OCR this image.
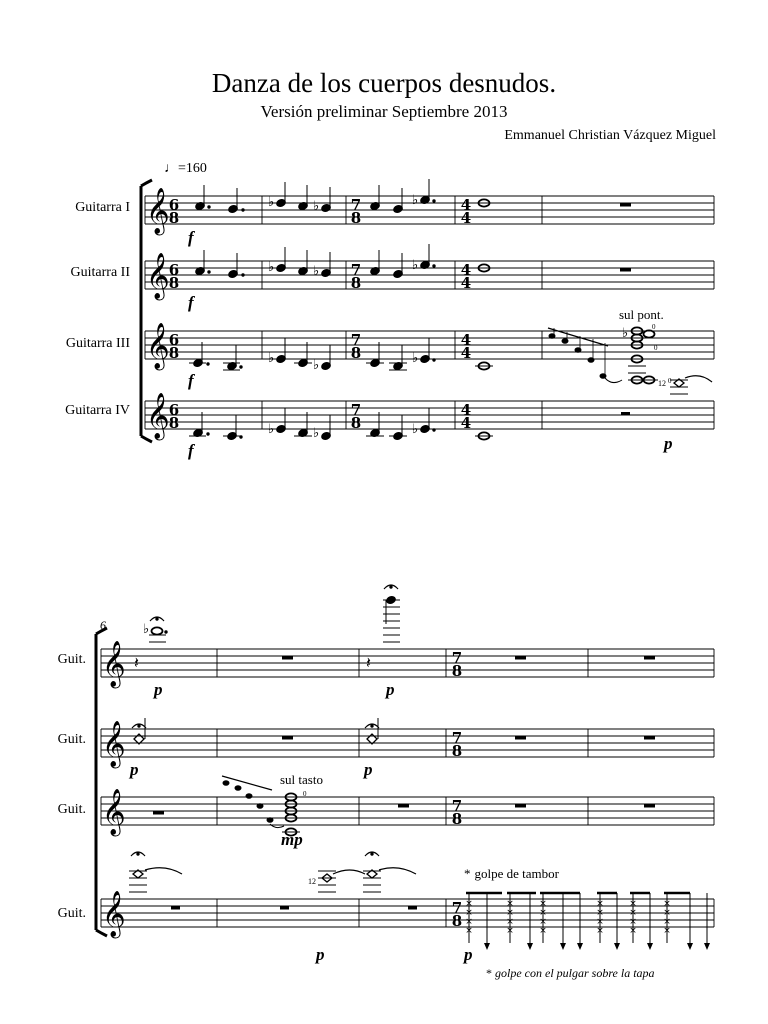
Danza de los cuerpos desnudos.
Versión preliminar Septiembre 2013
Emmanuel Christian Vázquez Miguel
♩=160
Guitarra I
Guitarra II
Guitarra III
Guitarra IV
6
Guit.
Guit.
Guit.
Guit.
* golpe con el pulgar sobre la tapa
𝄞
𝄞
𝄞
𝄞
6 8
6 8
6 8
6 8
7 8
7 8
7 8
7 8
4 4
4 4
4 4
4 4
♭	♭	♭
♭	♭	♭
♭	♭	♭
♭
sul pont.
0
0
0
♭	♭	♭
12
f
f
f
f	p
𝄞
𝄞
𝄞
𝄞
7 8
7 8
7 8
7 8
𝄽
♭
𝄽
sul tasto
0
×
×
×
×
×
×
×
×
×
×
×
×
×
×
×
×
×
×
×
×
×
×
×
×
12
* golpe de tambor
p
p
p
p
mp
p	p
